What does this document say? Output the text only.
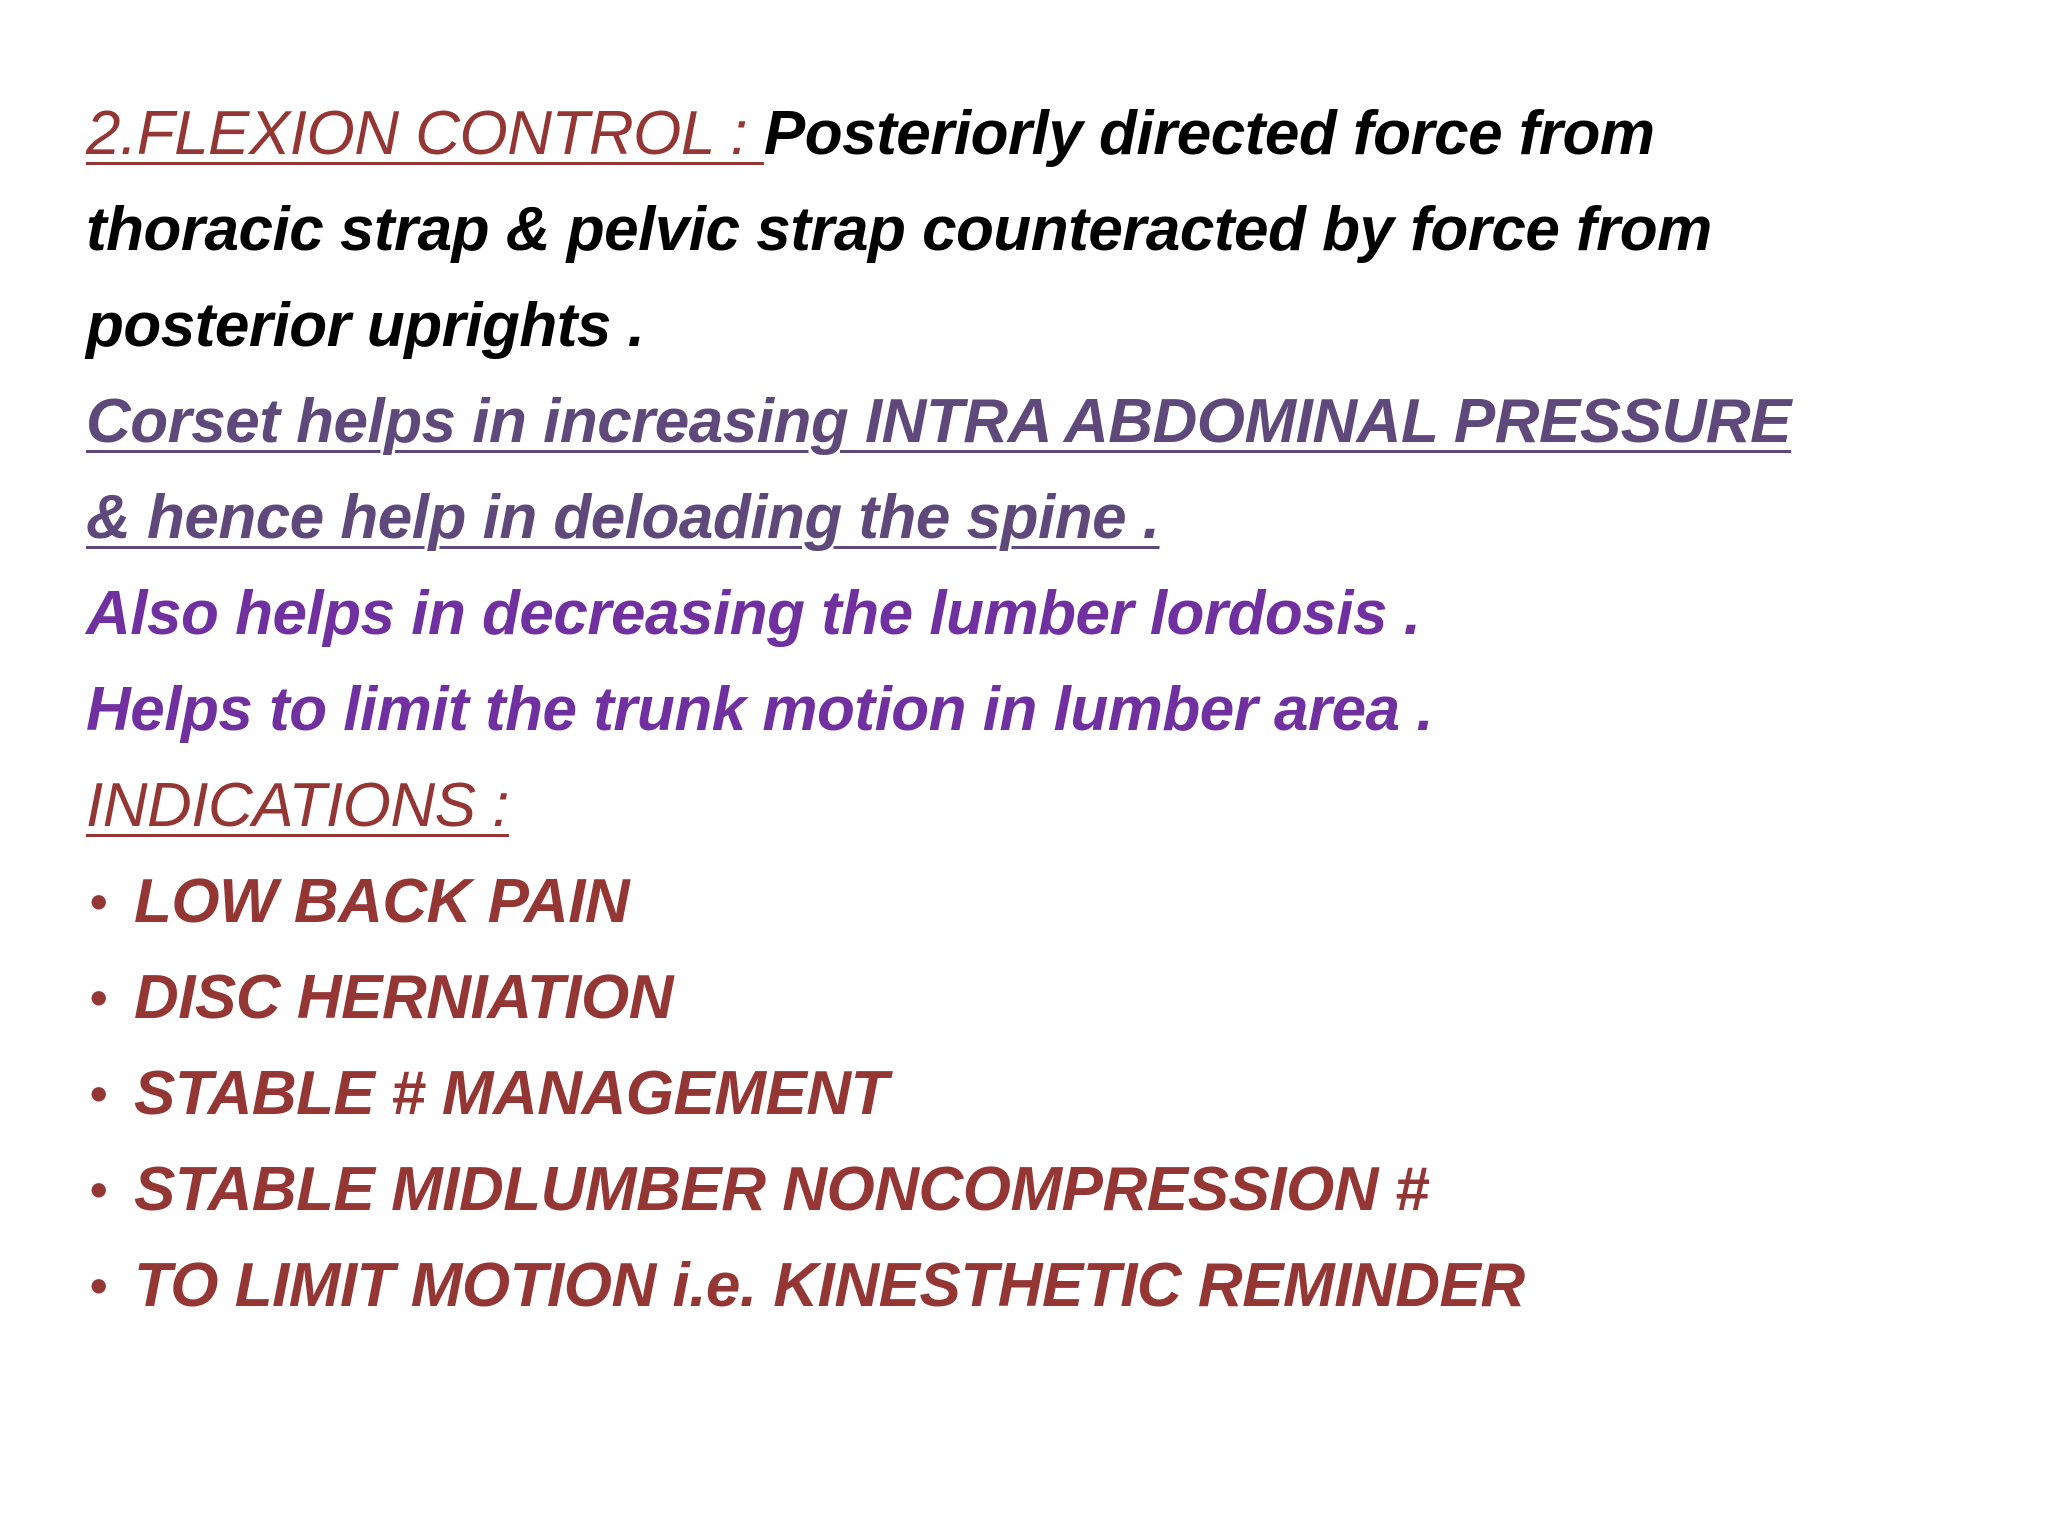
2.FLEXION CONTROL : Posteriorly directed force from

thoracic strap & pelvic strap counteracted by force from

posterior uprights .

Corset helps in increasing INTRA ABDOMINAL PRESSURE

& hence help in deloading the spine .

Also helps in decreasing the lumber lordosis .

Helps to limit the trunk motion in lumber area .

INDICATIONS :

• LOW BACK PAIN
• DISC HERNIATION
• STABLE # MANAGEMENT
• STABLE MIDLUMBER NONCOMPRESSION #
• TO LIMIT MOTION i.e. KINESTHETIC REMINDER
